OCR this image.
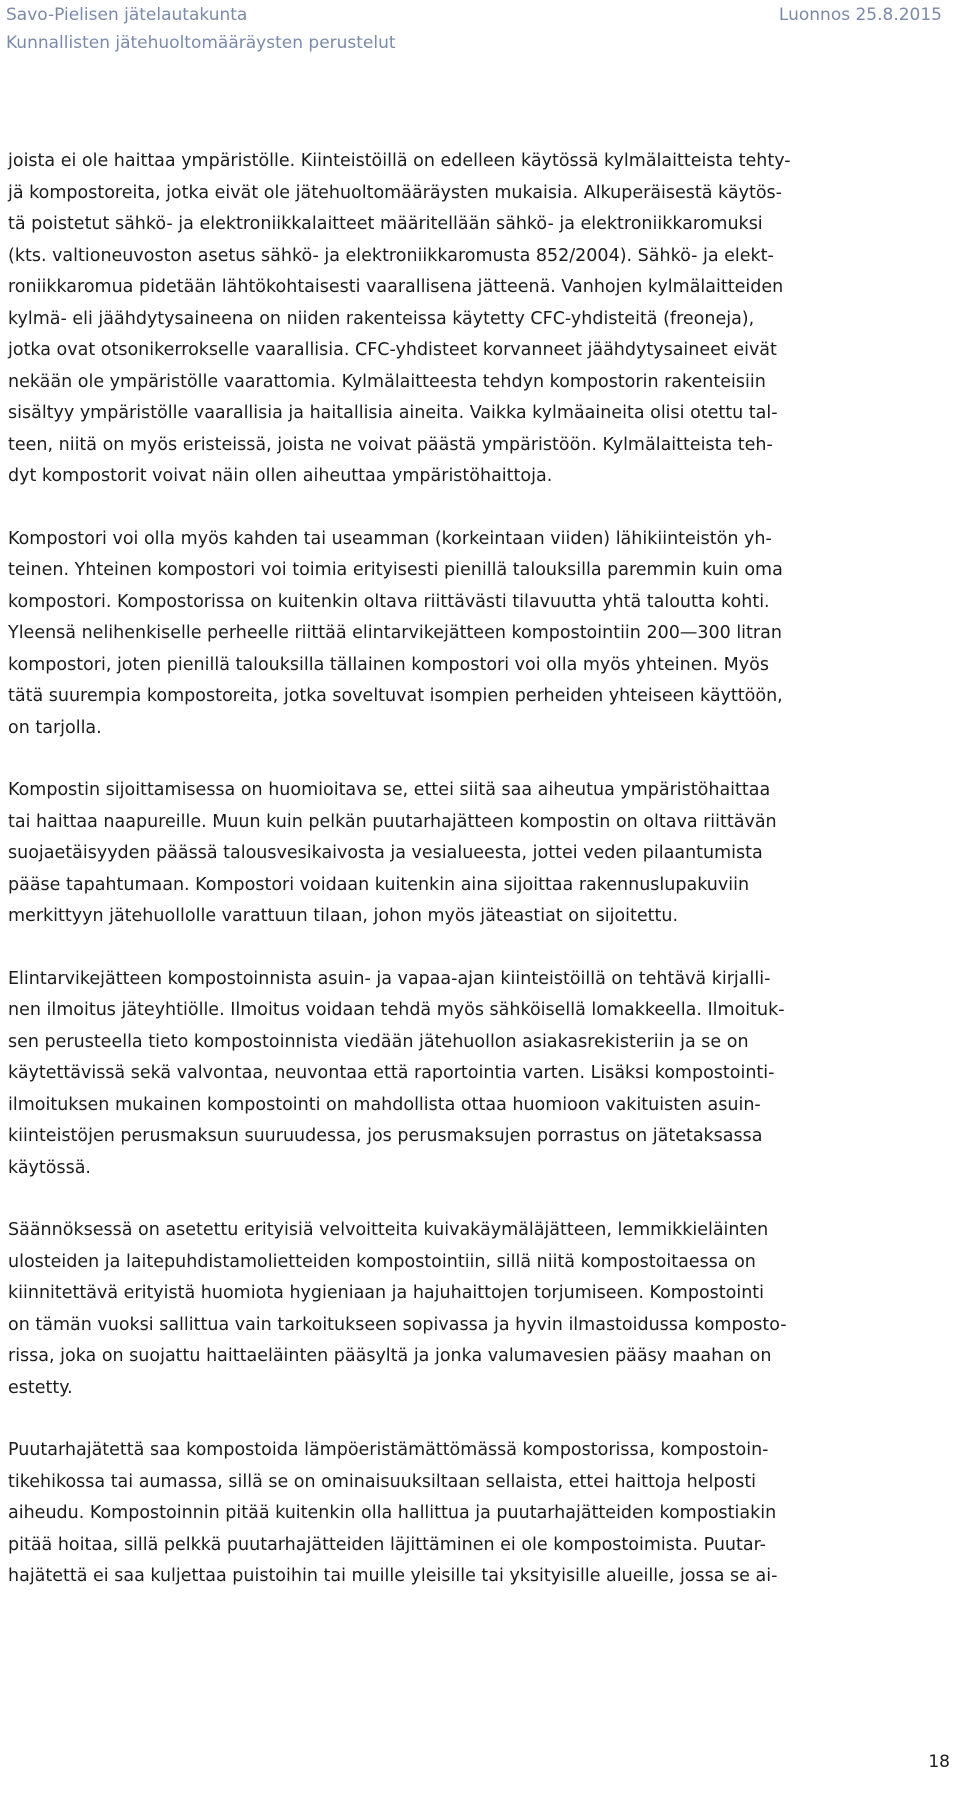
Savo-Pielisen jätelautakunta
Kunnallisten jätehuoltomääräysten perustelut
Luonnos 25.8.2015

joista ei ole haittaa ympäristölle. Kiinteistöillä on edelleen käytössä kylmälaitteista tehty-
jä kompostoreita, jotka eivät ole jätehuoltomääräysten mukaisia. Alkuperäisestä käytös-
tä poistetut sähkö- ja elektroniikkalaitteet määritellään sähkö- ja elektroniikkaromuksi
(kts. valtioneuvoston asetus sähkö- ja elektroniikkaromusta 852/2004). Sähkö- ja elekt-
roniikkaromua pidetään lähtökohtaisesti vaarallisena jätteenä. Vanhojen kylmälaitteiden
kylmä- eli jäähdytysaineena on niiden rakenteissa käytetty CFC-yhdisteitä (freoneja),
jotka ovat otsonikerrokselle vaarallisia. CFC-yhdisteet korvanneet jäähdytysaineet eivät
nekään ole ympäristölle vaarattomia. Kylmälaitteesta tehdyn kompostorin rakenteisiin
sisältyy ympäristölle vaarallisia ja haitallisia aineita. Vaikka kylmäaineita olisi otettu tal-
teen, niitä on myös eristeissä, joista ne voivat päästä ympäristöön. Kylmälaitteista teh-
dyt kompostorit voivat näin ollen aiheuttaa ympäristöhaittoja.

Kompostori voi olla myös kahden tai useamman (korkeintaan viiden) lähikiinteistön yh-
teinen. Yhteinen kompostori voi toimia erityisesti pienillä talouksilla paremmin kuin oma
kompostori. Kompostorissa on kuitenkin oltava riittävästi tilavuutta yhtä taloutta kohti.
Yleensä nelihenkiselle perheelle riittää elintarvikejätteen kompostointiin 200—300 litran
kompostori, joten pienillä talouksilla tällainen kompostori voi olla myös yhteinen. Myös
tätä suurempia kompostoreita, jotka soveltuvat isompien perheiden yhteiseen käyttöön,
on tarjolla.

Kompostin sijoittamisessa on huomioitava se, ettei siitä saa aiheutua ympäristöhaittaa
tai haittaa naapureille. Muun kuin pelkän puutarhajätteen kompostin on oltava riittävän
suojaetäisyyden päässä talousvesikaivosta ja vesialueesta, jottei veden pilaantumista
pääse tapahtumaan. Kompostori voidaan kuitenkin aina sijoittaa rakennuslupakuviin
merkittyyn jätehuollolle varattuun tilaan, johon myös jäteastiat on sijoitettu.

Elintarvikejätteen kompostoinnista asuin- ja vapaa-ajan kiinteistöillä on tehtävä kirjalli-
nen ilmoitus jäteyhtiölle. Ilmoitus voidaan tehdä myös sähköisellä lomakkeella. Ilmoituk-
sen perusteella tieto kompostoinnista viedään jätehuollon asiakasrekisteriin ja se on
käytettävissä sekä valvontaa, neuvontaa että raportointia varten. Lisäksi kompostointi-
ilmoituksen mukainen kompostointi on mahdollista ottaa huomioon vakituisten asuin-
kiinteistöjen perusmaksun suuruudessa, jos perusmaksujen porrastus on jätetaksassa
käytössä.

Säännöksessä on asetettu erityisiä velvoitteita kuivakäymäläjätteen, lemmikkieläinten
ulosteiden ja laitepuhdistamolietteiden kompostointiin, sillä niitä kompostoitaessa on
kiinnitettävä erityistä huomiota hygieniaan ja hajuhaittojen torjumiseen. Kompostointi
on tämän vuoksi sallittua vain tarkoitukseen sopivassa ja hyvin ilmastoidussa komposto-
rissa, joka on suojattu haittaeläinten pääsyltä ja jonka valumavesien pääsy maahan on
estetty.

Puutarhajätettä saa kompostoida lämpöeristämättömässä kompostorissa, kompostoin-
tikehikossa tai aumassa, sillä se on ominaisuuksiltaan sellaista, ettei haittoja helposti
aiheudu. Kompostoinnin pitää kuitenkin olla hallittua ja puutarhajätteiden kompostiakin
pitää hoitaa, sillä pelkkä puutarhajätteiden läjittäminen ei ole kompostoimista. Puutar-
hajätettä ei saa kuljettaa puistoihin tai muille yleisille tai yksityisille alueille, jossa se ai-

18
